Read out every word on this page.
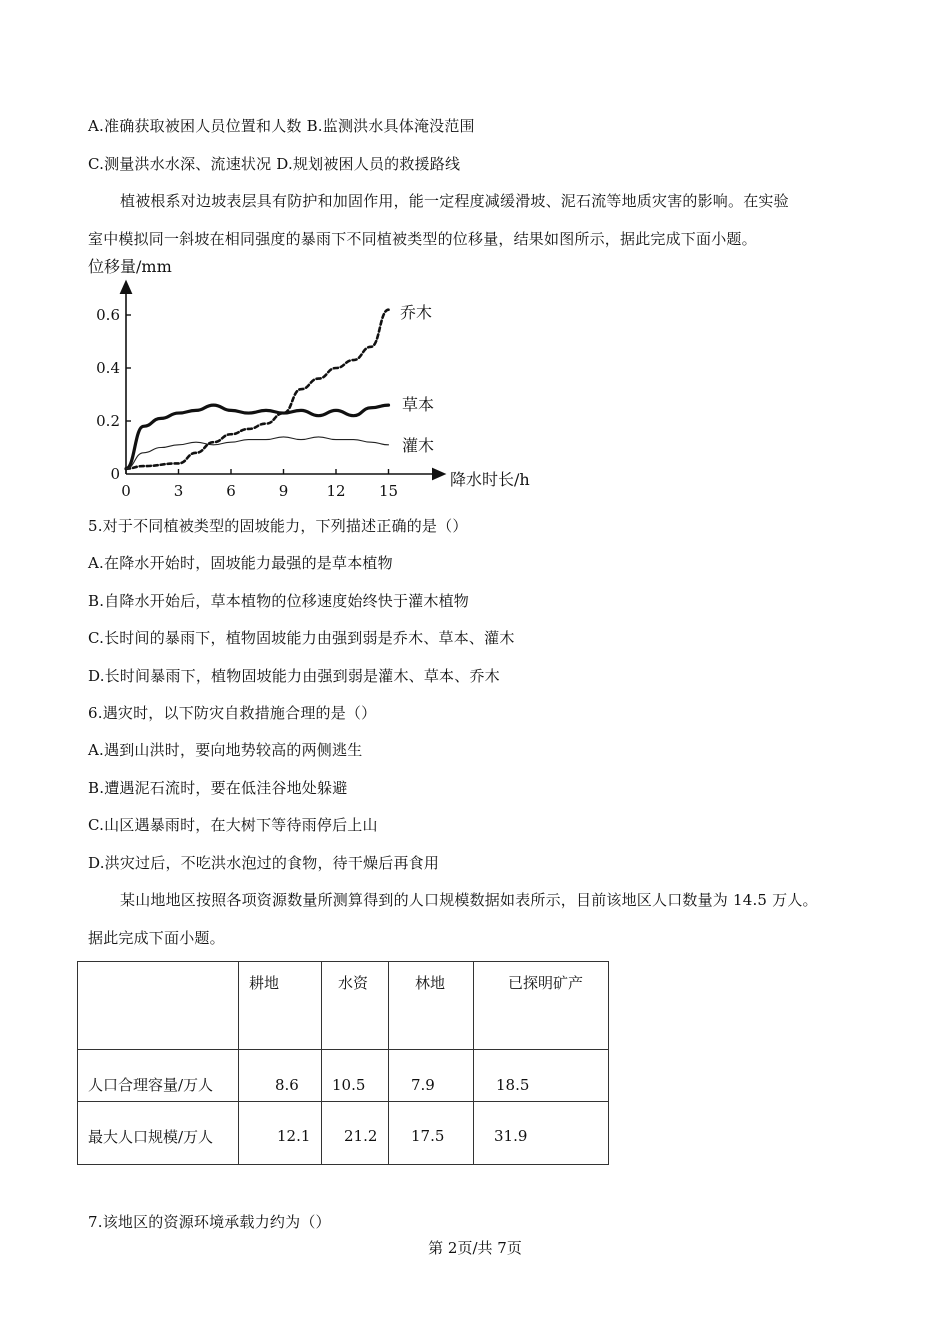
A.准确获取被困人员位置和人数 B.监测洪水具体淹没范围
C.测量洪水水深、流速状况 D.规划被困人员的救援路线
植被根系对边坡表层具有防护和加固作用，能一定程度减缓滑坡、泥石流等地质灾害的影响。在实验
室中模拟同一斜坡在相同强度的暴雨下不同植被类型的位移量，结果如图所示，据此完成下面小题。
位移量/mm
降水时长/h
0	3	6	9	12 15
0
0.2
0.4
0.6	乔木
草本
灌木
5.对于不同植被类型的固坡能力，下列描述正确的是（）
A.在降水开始时，固坡能力最强的是草本植物
B.自降水开始后，草本植物的位移速度始终快于灌木植物
C.长时间的暴雨下，植物固坡能力由强到弱是乔木、草本、灌木
D.长时间暴雨下，植物固坡能力由强到弱是灌木、草本、乔木
6.遇灾时，以下防灾自救措施合理的是（）
A.遇到山洪时，要向地势较高的两侧逃生
B.遭遇泥石流时，要在低洼谷地处躲避
C.山区遇暴雨时，在大树下等待雨停后上山
D.洪灾过后，不吃洪水泡过的食物，待干燥后再食用
某山地地区按照各项资源数量所测算得到的人口规模数据如表所示，目前该地区人口数量为 14.5 万人。
据此完成下面小题。

	耕地	水资	林地	已探明矿产

人口合理容量/万人	8.6	10.5	7.9	18.5

最大人口规模/万人	12.1	21.2	17.5	31.9
7.该地区的资源环境承载力约为（）
第 2页/共 7页
